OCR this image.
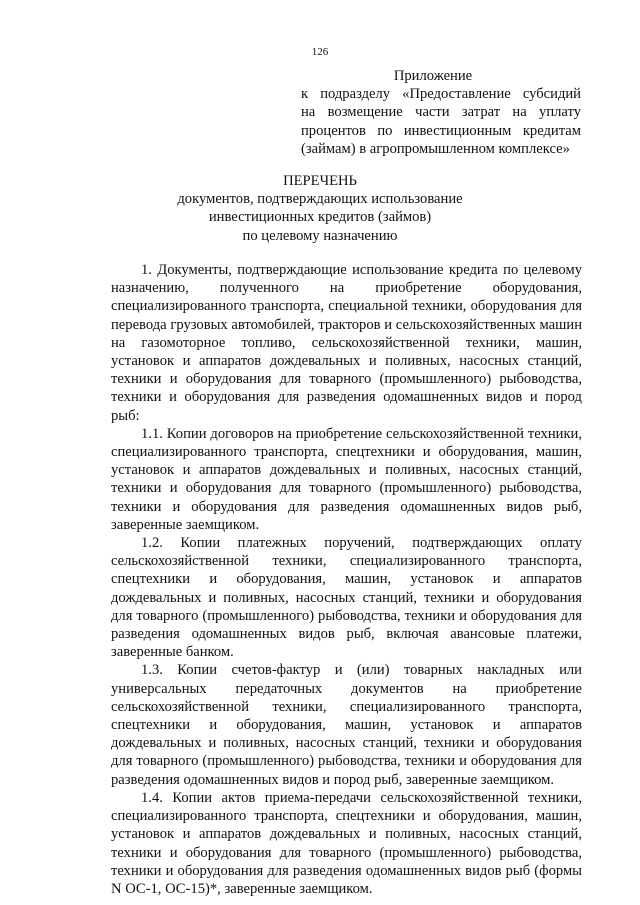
126
Приложение
к подразделу «Предоставление субсидий
на возмещение части затрат на уплату
процентов по инвестиционным кредитам
(займам) в агропромышленном комплексе»
ПЕРЕЧЕНЬ
документов, подтверждающих использование
инвестиционных кредитов (займов)
по целевому назначению

1. Документы, подтверждающие использование кредита по целевому назначению, полученного на приобретение оборудования, специализированного транспорта, специальной техники, оборудования для перевода грузовых автомобилей, тракторов и сельскохозяйственных машин на газомоторное топливо, сельскохозяйственной техники, машин, установок и аппаратов дождевальных и поливных, насосных станций, техники и оборудования для товарного (промышленного) рыбоводства, техники и оборудования для разведения одомашненных видов и пород рыб:

1.1. Копии договоров на приобретение сельскохозяйственной техники, специализированного транспорта, спецтехники и оборудования, машин, установок и аппаратов дождевальных и поливных, насосных станций, техники и оборудования для товарного (промышленного) рыбоводства, техники и оборудования для разведения одомашненных видов рыб, заверенные заемщиком.

1.2. Копии платежных поручений, подтверждающих оплату сельскохозяйственной техники, специализированного транспорта, спецтехники и оборудования, машин, установок и аппаратов дождевальных и поливных, насосных станций, техники и оборудования для товарного (промышленного) рыбоводства, техники и оборудования для разведения одомашненных видов рыб, включая авансовые платежи, заверенные банком.

1.3. Копии счетов-фактур и (или) товарных накладных или универсальных передаточных документов на приобретение сельскохозяйственной техники, специализированного транспорта, спецтехники и оборудования, машин, установок и аппаратов дождевальных и поливных, насосных станций, техники и оборудования для товарного (промышленного) рыбоводства, техники и оборудования для разведения одомашненных видов и пород рыб, заверенные заемщиком.

1.4. Копии актов приема-передачи сельскохозяйственной техники, специализированного транспорта, спецтехники и оборудования, машин, установок и аппаратов дождевальных и поливных, насосных станций, техники и оборудования для товарного (промышленного) рыбоводства, техники и оборудования для разведения одомашненных видов рыб (формы N ОС-1, ОС-15)*, заверенные заемщиком.
